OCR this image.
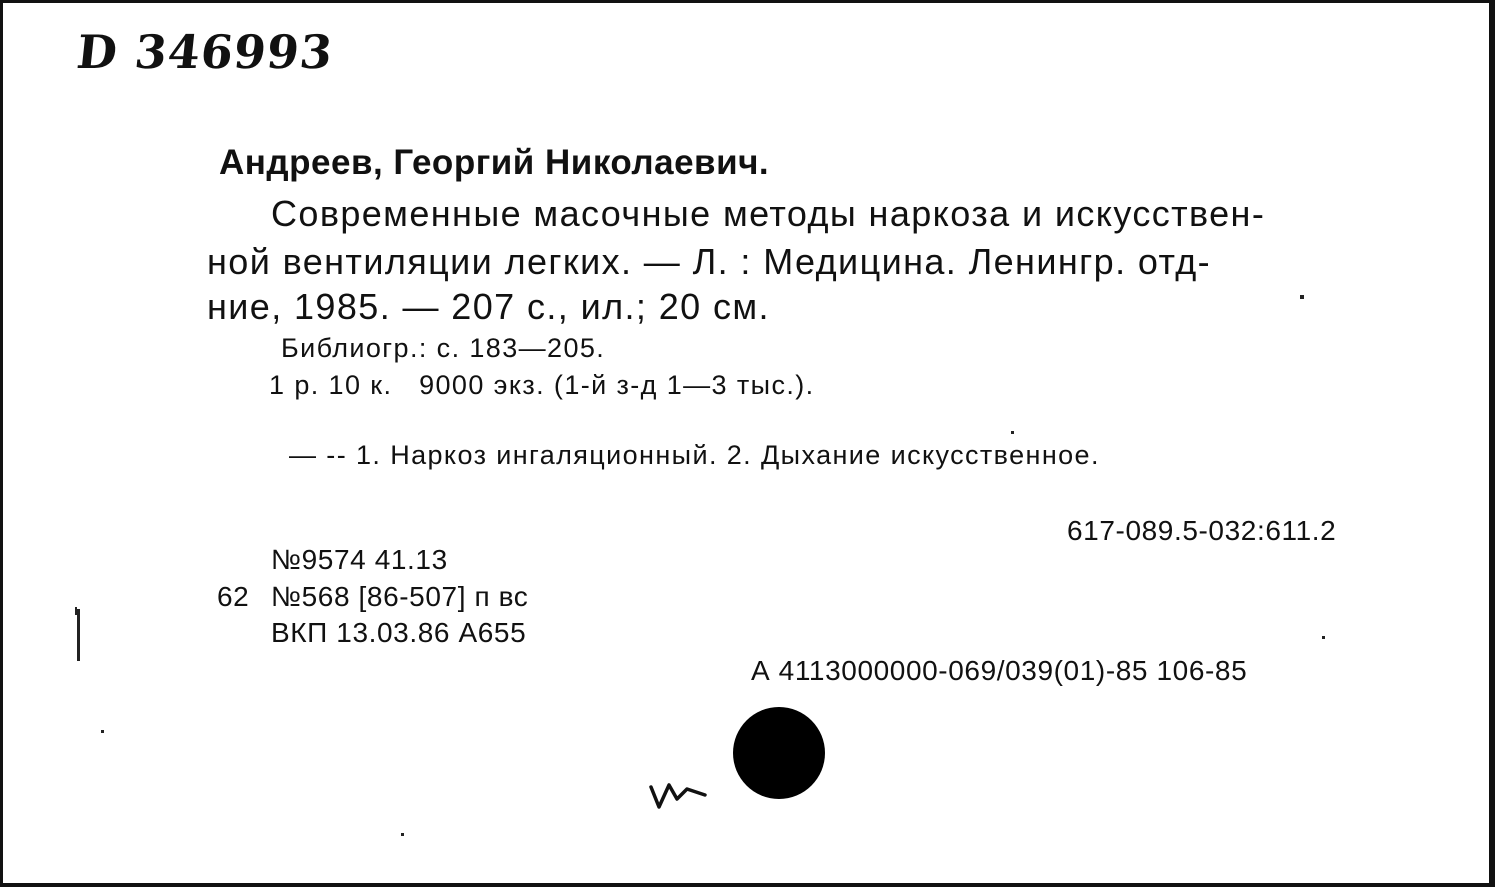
D 346993
Андреев, Георгий Николаевич.
Современные масочные методы наркоза и искусствен-
ной вентиляции легких. — Л. : Медицина. Ленингр. отд-
ние, 1985. — 207 с., ил.; 20 см.
Библиогр.: с. 183—205.
1 р. 10 к.   9000 экз. (1-й з-д 1—3 тыс.).
— -- 1. Наркоз ингаляционный. 2. Дыхание искусственное.
617-089.5-032:611.2
№9574 41.13
62 №568 [86-507] п вс
ВКП 13.03.86 А655
А 4113000000-069/039(01)-85 106-85
